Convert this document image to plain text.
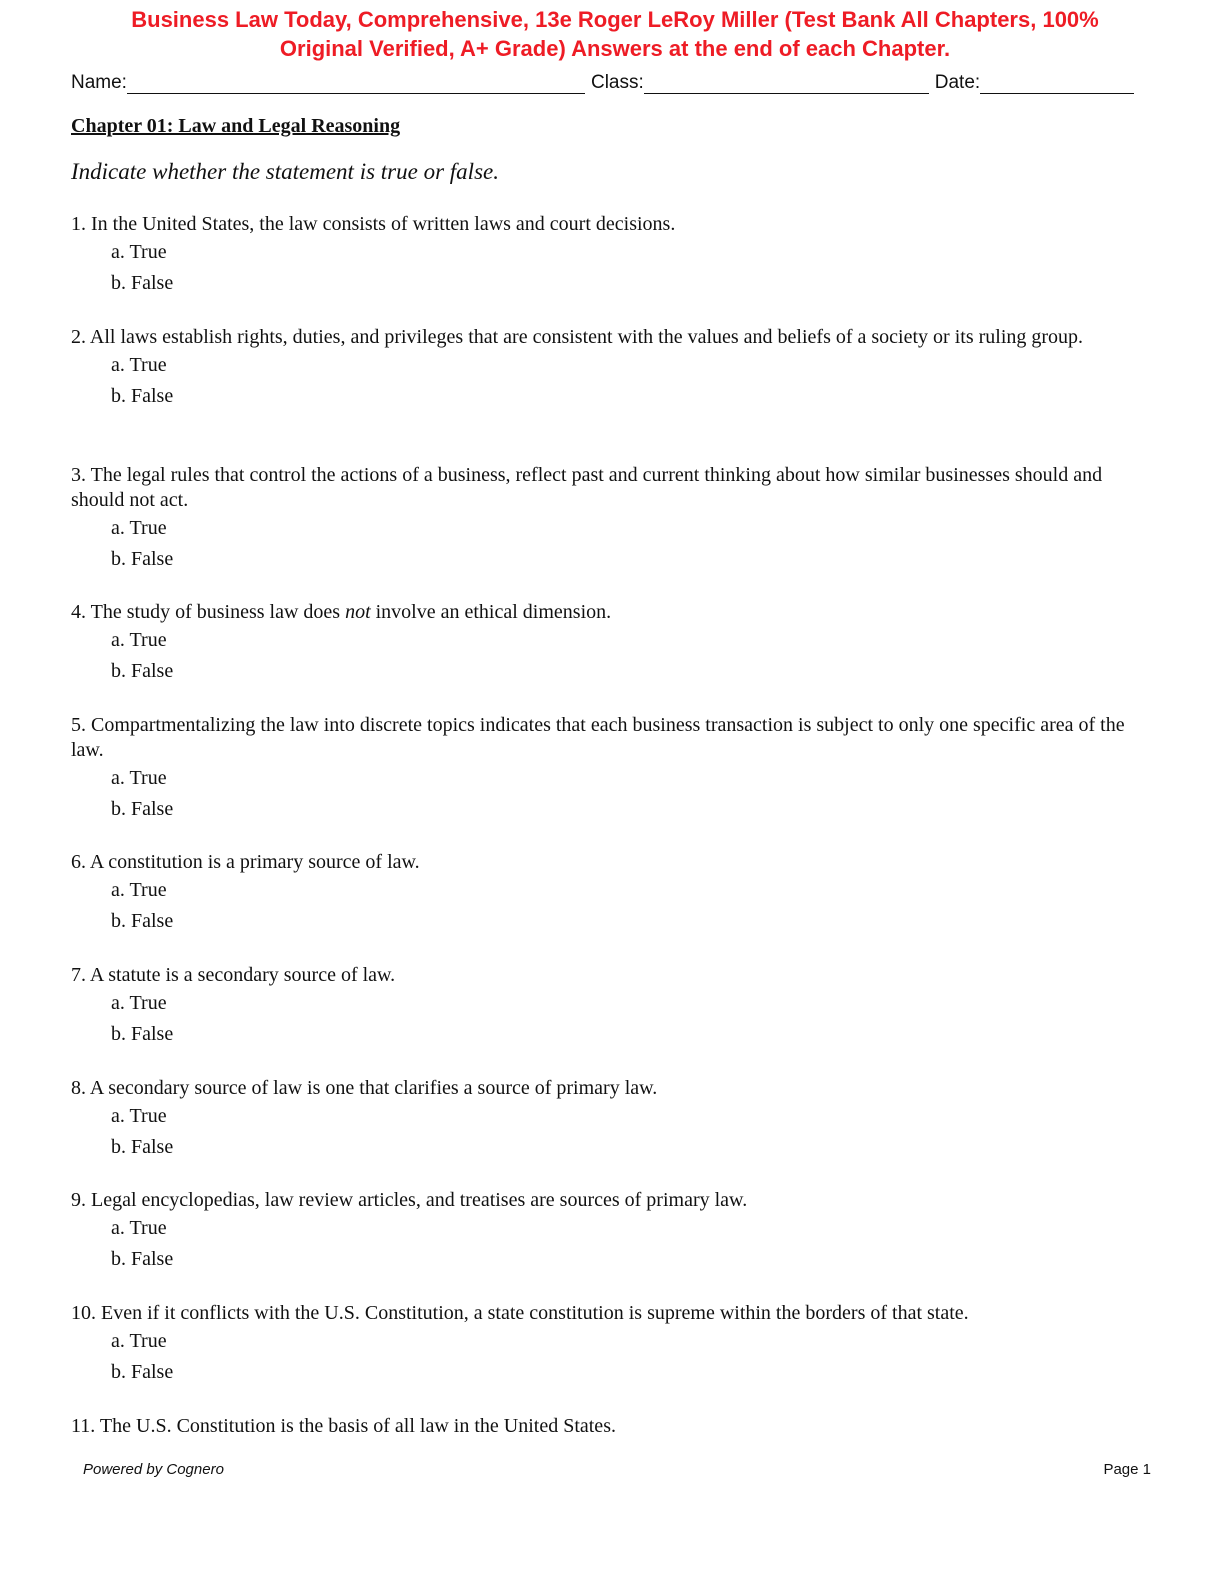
Business Law Today, Comprehensive, 13e Roger LeRoy Miller (Test Bank All Chapters, 100%
Original Verified, A+ Grade) Answers at the end of each Chapter.
Name:	Class:	Date:
Chapter 01: Law and Legal Reasoning
Indicate whether the statement is true or false.
1. In the United States, the law consists of written laws and court decisions.
a. True
b. False
2. All laws establish rights, duties, and privileges that are consistent with the values and beliefs of a society or its ruling group.
a. True
b. False
3. The legal rules that control the actions of a business, reflect past and current thinking about how similar businesses should and should not act.
a. True
b. False
4. The study of business law does not involve an ethical dimension.
a. True
b. False
5. Compartmentalizing the law into discrete topics indicates that each business transaction is subject to only one specific area of the law.
a. True
b. False
6. A constitution is a primary source of law.
a. True
b. False
7. A statute is a secondary source of law.
a. True
b. False
8. A secondary source of law is one that clarifies a source of primary law.
a. True
b. False
9. Legal encyclopedias, law review articles, and treatises are sources of primary law.
a. True
b. False
10. Even if it conflicts with the U.S. Constitution, a state constitution is supreme within the borders of that state.
a. True
b. False
11. The U.S. Constitution is the basis of all law in the United States.
Powered by Cognero	Page 1
